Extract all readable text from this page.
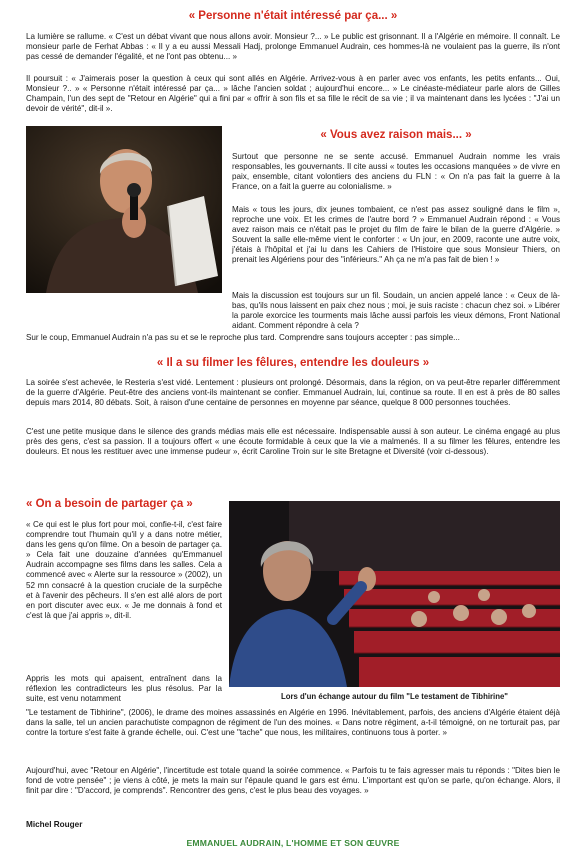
« Personne n'était intéressé par ça... »

La lumière se rallume. « C'est un débat vivant que nous allons avoir. Monsieur ?... » Le public est grisonnant. Il a l'Algérie en mémoire. Il connaît. Le monsieur parle de Ferhat Abbas : « Il y a eu aussi Messali Hadj, prolonge Emmanuel Audrain, ces hommes-là ne voulaient pas la guerre, ils n'ont pas cessé de demander l'égalité, et ne l'ont pas obtenu... »

Il poursuit : « J'aimerais poser la question à ceux qui sont allés en Algérie. Arrivez-vous à en parler avec vos enfants, les petits enfants... Oui, Monsieur ?.. » « Personne n'était intéressé par ça... » lâche l'ancien soldat ; aujourd'hui encore... » Le cinéaste-médiateur parle alors de Gilles Champain, l'un des sept de "Retour en Algérie" qui a fini par « offrir à son fils et sa fille le récit de sa vie ; il va maintenant dans les lycées : "J'ai un devoir de vérité", dit-il ».

« Vous avez raison mais... »

Surtout que personne ne se sente accusé. Emmanuel Audrain nomme les vrais responsables, les gouvernants. Il cite aussi « toutes les occasions manquées » de vivre en paix, ensemble, citant volontiers des anciens du FLN : « On n'a pas fait la guerre à la France, on a fait la guerre au colonialisme. »

Mais « tous les jours, dix jeunes tombaient, ce n'est pas assez souligné dans le film », reproche une voix. Et les crimes de l'autre bord ? » Emmanuel Audrain répond : « Vous avez raison mais ce n'était pas le projet du film de faire le bilan de la guerre d'Algérie. » Souvent la salle elle-même vient le conforter : « Un jour, en 2009, raconte une autre voix, j'étais à l'hôpital et j'ai lu dans les Cahiers de l'Histoire que sous Monsieur Thiers, on prenait les Algériens pour des "inférieurs." Ah ça ne m'a pas fait de bien ! »

Mais la discussion est toujours sur un fil. Soudain, un ancien appelé lance : « Ceux de là-bas, qu'ils nous laissent en paix chez nous ; moi, je suis raciste : chacun chez soi. » Libérer la parole exorcice les tourments mais lâche aussi parfois les vieux démons, Front National aidant. Comment répondre à cela ?

Sur le coup, Emmanuel Audrain n'a pas su et se le reproche plus tard. Comprendre sans toujours accepter : pas simple...

« Il a su filmer les fêlures, entendre les douleurs »

La soirée s'est achevée, le Resteria s'est vidé. Lentement : plusieurs ont prolongé. Désormais, dans la région, on va peut-être reparler différemment de la guerre d'Algérie. Peut-être des anciens vont-ils maintenant se confier. Emmanuel Audrain, lui, continue sa route. Il en est à près de 80 salles depuis mars 2014, 80 débats. Soit, à raison d'une centaine de personnes en moyenne par séance, quelque 8 000 personnes touchées.

C'est une petite musique dans le silence des grands médias mais elle est nécessaire. Indispensable aussi à son auteur. Le cinéma engagé au plus près des gens, c'est sa passion. Il a toujours offert « une écoute formidable à ceux que la vie a malmenés. Il a su filmer les fêlures, entendre les douleurs. Et nous les restituer avec une immense pudeur », écrit Caroline Troin sur le site Bretagne et Diversité (voir ci-dessous).

« On a besoin de partager ça »

« Ce qui est le plus fort pour moi, confie-t-il, c'est faire comprendre tout l'humain qu'il y a dans notre métier, dans les gens qu'on filme. On a besoin de partager ça. » Cela fait une douzaine d'années qu'Emmanuel Audrain accompagne ses films dans les salles. Cela a commencé avec « Alerte sur la ressource » (2002), un 52 mn consacré à la question cruciale de la surpêche et à l'avenir des pêcheurs. Il s'en est allé alors de port en port discuter avec eux. « Je me donnais à fond et c'est là que j'ai appris », dit-il.

Appris les mots qui apaisent, entraînent dans la réflexion les contradicteurs les plus résolus. Par la suite, est venu notamment	Lors d'un échange autour du film "Le testament de Tibhirine"

"Le testament de Tibhirine", (2006), le drame des moines assassinés en Algérie en 1996. Inévitablement, parfois, des anciens d'Algérie étaient déjà dans la salle, tel un ancien parachutiste compagnon de régiment de l'un des moines. « Dans notre régiment, a-t-il témoigné, on ne torturait pas, par contre la torture s'est faite à grande échelle, oui. C'est une "tache" que nous, les militaires, continuons tous à porter. »

Aujourd'hui, avec "Retour en Algérie", l'incertitude est totale quand la soirée commence. « Parfois tu te fais agresser mais tu réponds : "Dites bien le fond de votre pensée" ; je viens à côté, je mets la main sur l'épaule quand le gars est ému. L'important est qu'on se parle, qu'on échange. Alors, il finit par dire : "D'accord, je comprends". Rencontrer des gens, c'est le plus beau des voyages. »

Michel Rouger
EMMANUEL AUDRAIN, L'HOMME ET SON ŒUVRE
